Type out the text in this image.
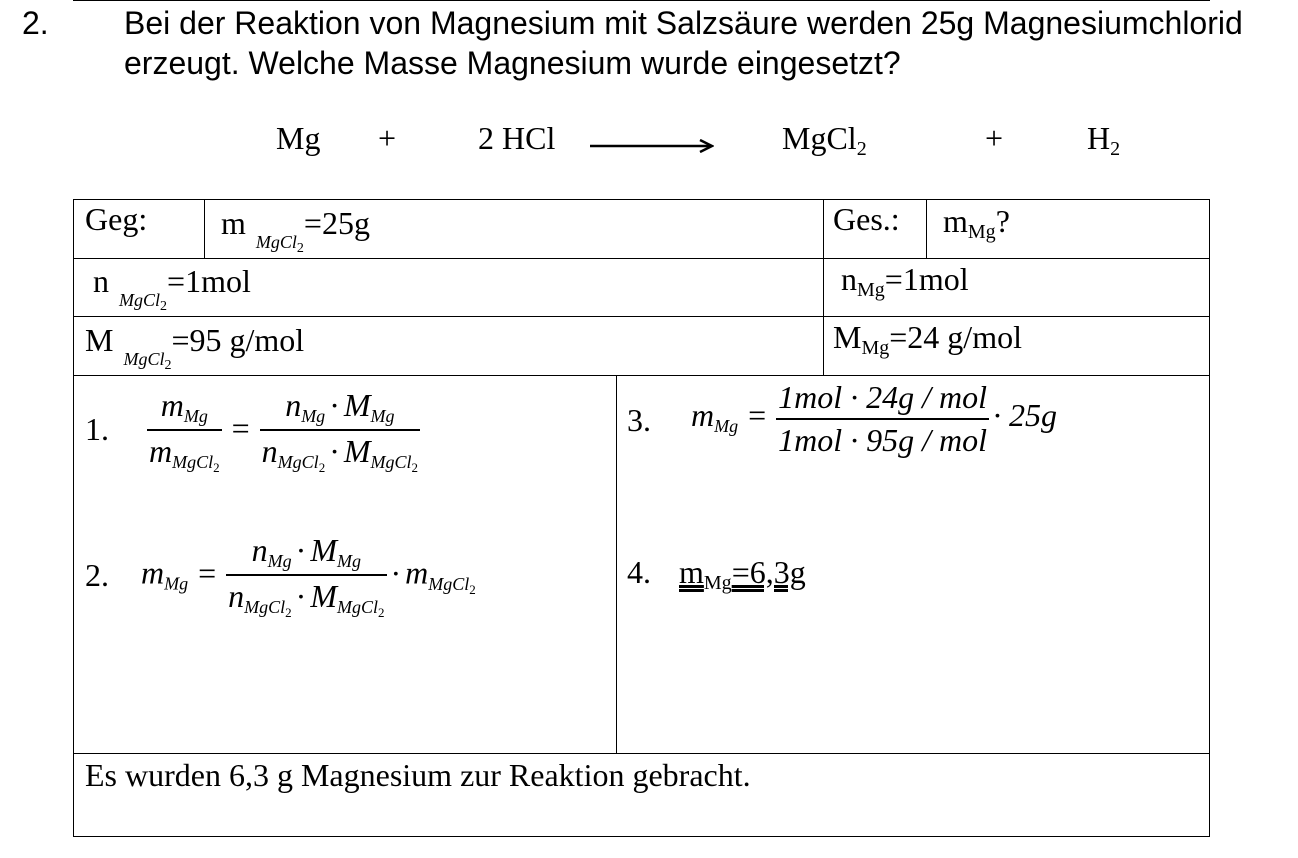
2. Bei der Reaktion von Magnesium mit Salzsäure werden 25g Magnesiumchlorid
erzeugt. Welche Masse Magnesium wurde eingesetzt?
Mg +	2 HCl	MgCl$_2$	+	$H_2$
Geg: $m_{MgCl_2}=25g$	Ges.: $m_{Mg}$?
$n_{MgCl_2}=1mol$	$n_{Mg}=1mol$
$M_{MgCl_2}=95$ g/mol	$M_{Mg}=24$ g/mol
1. $\frac{m_{Mg}}{m_{MgCl_2}} = \frac{n_{Mg} \cdot M_{Mg}}{n_{MgCl_2} \cdot M_{MgCl_2}}$
2. $m_{Mg} = \frac{n_{Mg} \cdot M_{Mg}}{n_{MgCl_2} \cdot M_{MgCl_2}} \cdot m_{MgCl_2}$
3. $m_{Mg} = \frac{\text{1mol · 24g / mol}}{\text{1mol · 95g / mol}} \cdot 25g$
4. $m_{Mg}=6,3g$
Es wurden 6,3 g Magnesium zur Reaktion gebracht.
